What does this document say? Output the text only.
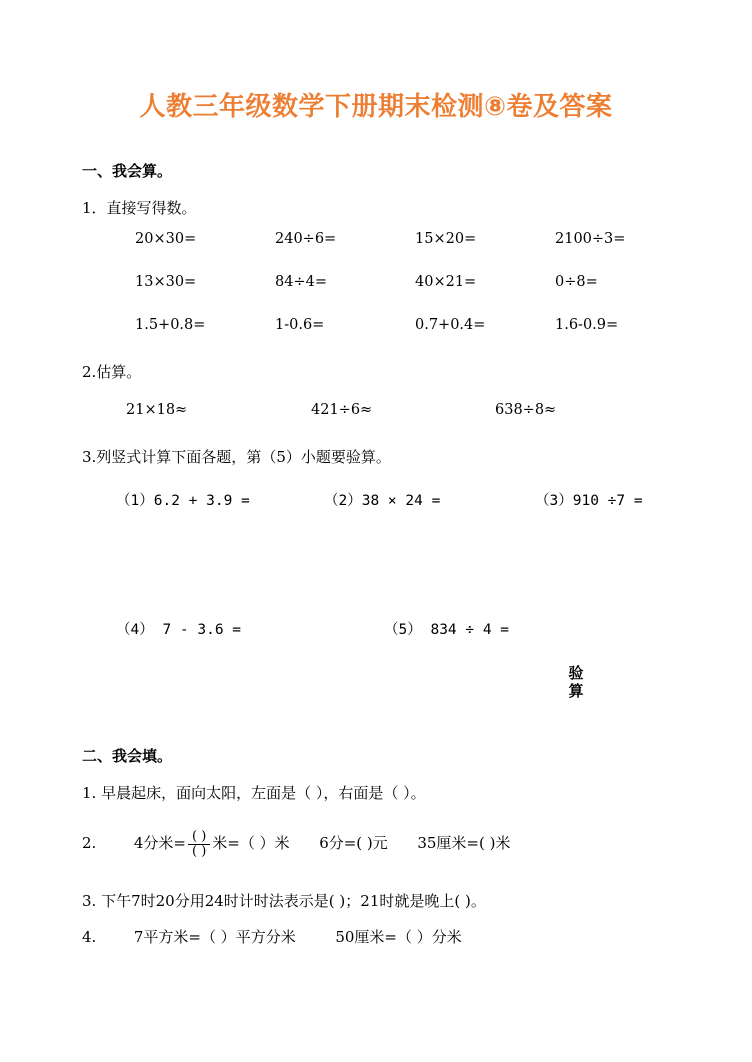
人教三年级数学下册期末检测⑧卷及答案
一、我会算。
1．直接写得数。
20×30=	240÷6=	15×20=	2100÷3=
13×30=	84÷4=	40×21=	0÷8=
1.5+0.8=	1-0.6=	0.7+0.4=	1.6-0.9=
2.估算。
21×18≈	421÷6≈	638÷8≈
3.列竖式计算下面各题，第（5）小题要验算。
（1）6.2 + 3.9 =	（2）38 × 24 =	（3）910 ÷7 =
（4） 7 - 3.6 =	（5） 834 ÷ 4 =
验
算
二、我会填。
1. 早晨起床，面向太阳，左面是（ ），右面是（ ）。
2.	4分米= $\frac{( )}{( )}$ 米=（ ）米 6分=( )元 35厘米=( )米
3. 下午7时20分用24时计时法表示是( )；21时就是晚上( )。
4.	7平方米=（ ）平方分米	50厘米=（ ）分米
